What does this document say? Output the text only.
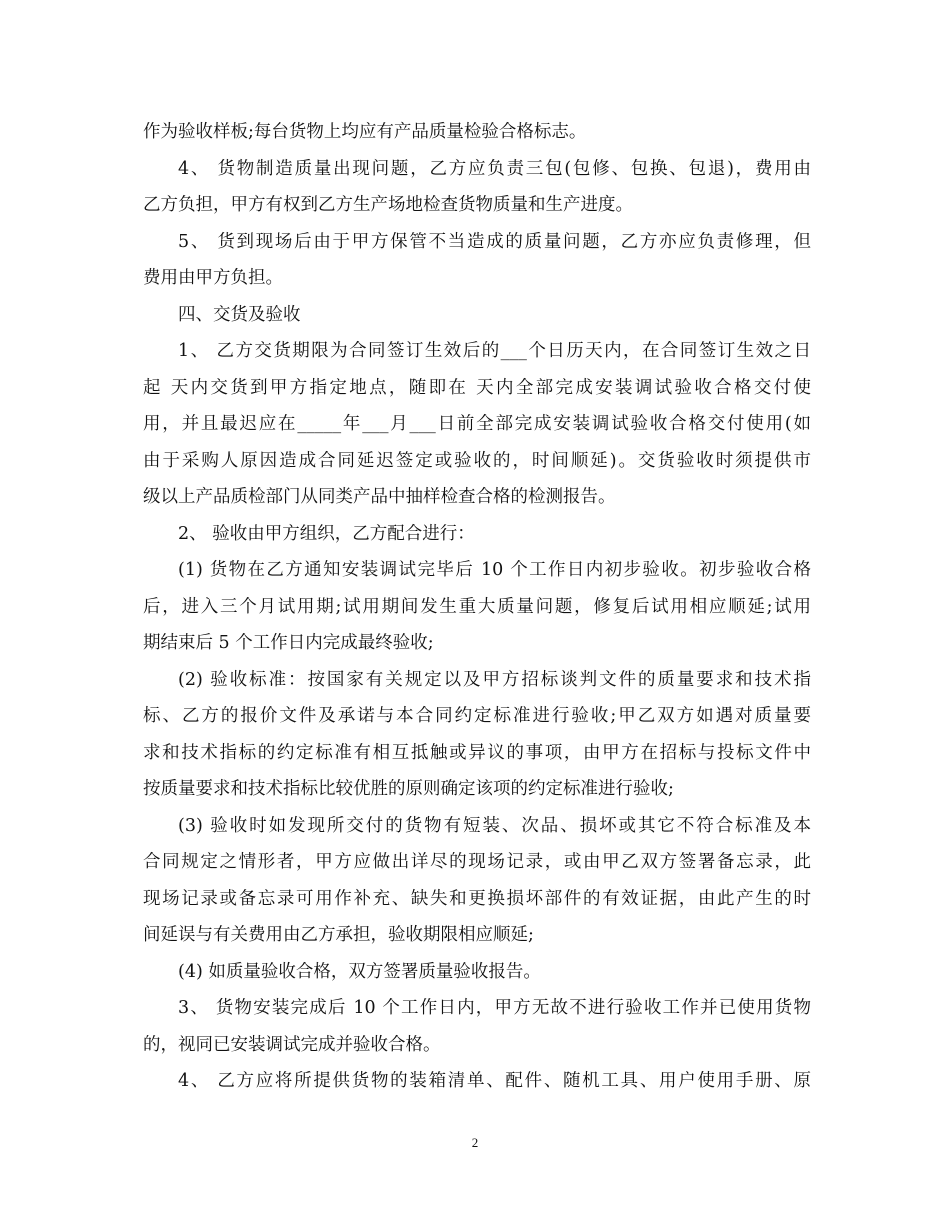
作为验收样板;每台货物上均应有产品质量检验合格标志。
4、 货物制造质量出现问题，乙方应负责三包(包修、包换、包退)，费用由
乙方负担，甲方有权到乙方生产场地检查货物质量和生产进度。
5、 货到现场后由于甲方保管不当造成的质量问题，乙方亦应负责修理，但
费用由甲方负担。
四、交货及验收
1、 乙方交货期限为合同签订生效后的___个日历天内，在合同签订生效之日
起 天内交货到甲方指定地点，随即在 天内全部完成安装调试验收合格交付使
用，并且最迟应在_____年___月___日前全部完成安装调试验收合格交付使用(如
由于采购人原因造成合同延迟签定或验收的，时间顺延)。交货验收时须提供市
级以上产品质检部门从同类产品中抽样检查合格的检测报告。
2、 验收由甲方组织，乙方配合进行：
(1) 货物在乙方通知安装调试完毕后 10 个工作日内初步验收。初步验收合格
后，进入三个月试用期;试用期间发生重大质量问题，修复后试用相应顺延;试用
期结束后 5 个工作日内完成最终验收;
(2) 验收标准：按国家有关规定以及甲方招标谈判文件的质量要求和技术指
标、乙方的报价文件及承诺与本合同约定标准进行验收;甲乙双方如遇对质量要
求和技术指标的约定标准有相互抵触或异议的事项，由甲方在招标与投标文件中
按质量要求和技术指标比较优胜的原则确定该项的约定标准进行验收;
(3) 验收时如发现所交付的货物有短装、次品、损坏或其它不符合标准及本
合同规定之情形者，甲方应做出详尽的现场记录，或由甲乙双方签署备忘录，此
现场记录或备忘录可用作补充、缺失和更换损坏部件的有效证据，由此产生的时
间延误与有关费用由乙方承担，验收期限相应顺延;
(4) 如质量验收合格，双方签署质量验收报告。
3、 货物安装完成后 10 个工作日内，甲方无故不进行验收工作并已使用货物
的，视同已安装调试完成并验收合格。
4、 乙方应将所提供货物的装箱清单、配件、随机工具、用户使用手册、原
2
